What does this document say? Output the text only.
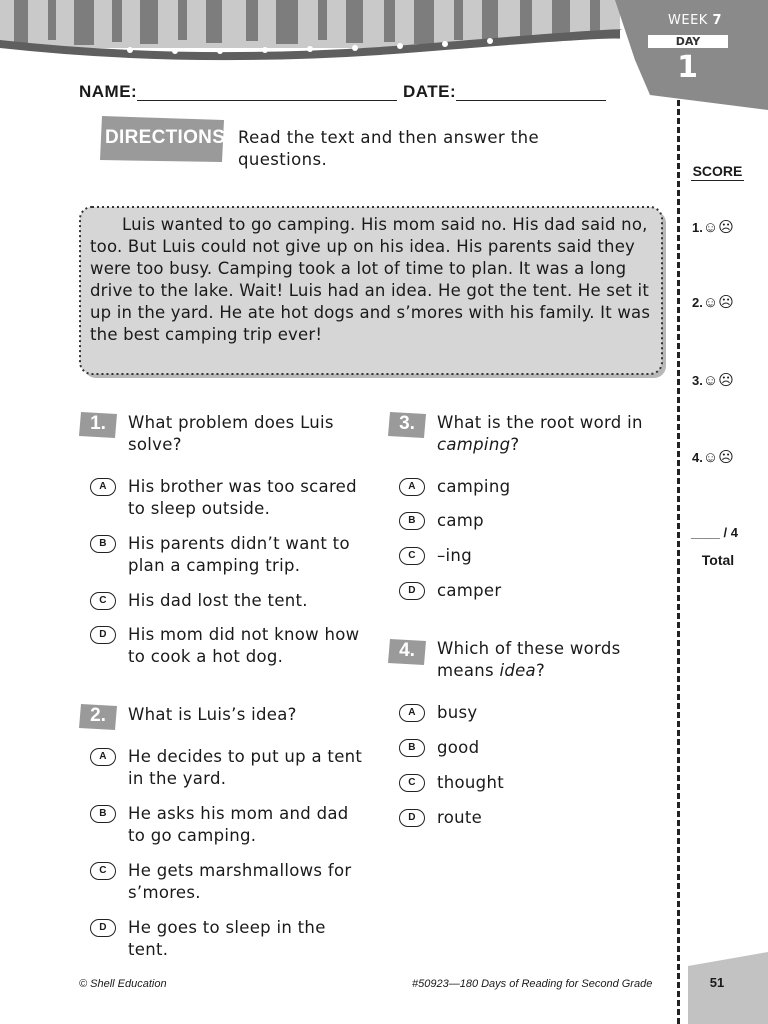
WEEK 7
DAY
1
NAME:	DATE:
DIRECTIONS Read the text and then answer the questions.
Luis wanted to go camping. His mom said no. His dad said no, too. But Luis could not give up on his idea. His parents said they were too busy. Camping took a lot of time to plan. It was a long drive to the lake. Wait! Luis had an idea. He got the tent. He set it up in the yard. He ate hot dogs and s’mores with his family. It was the best camping trip ever!
1.	What problem does Luis solve?
A	His brother was too scared to sleep outside.
B	His parents didn’t want to plan a camping trip.
C	His dad lost the tent.
D	His mom did not know how to cook a hot dog.
2.	What is Luis’s idea?
A	He decides to put up a tent in the yard.
B	He asks his mom and dad to go camping.
C	He gets marshmallows for s’mores.
D	He goes to sleep in the tent.
3.	What is the root word in camping?
A	camping
B	camp
C	–ing
D	camper
4.	Which of these words means idea?
A	busy
B	good
C	thought
D	route
SCORE
1.☺☹
2.☺☹
3.☺☹
4.☺☹
____ / 4
Total
© Shell Education	#50923—180 Days of Reading for Second Grade	51
